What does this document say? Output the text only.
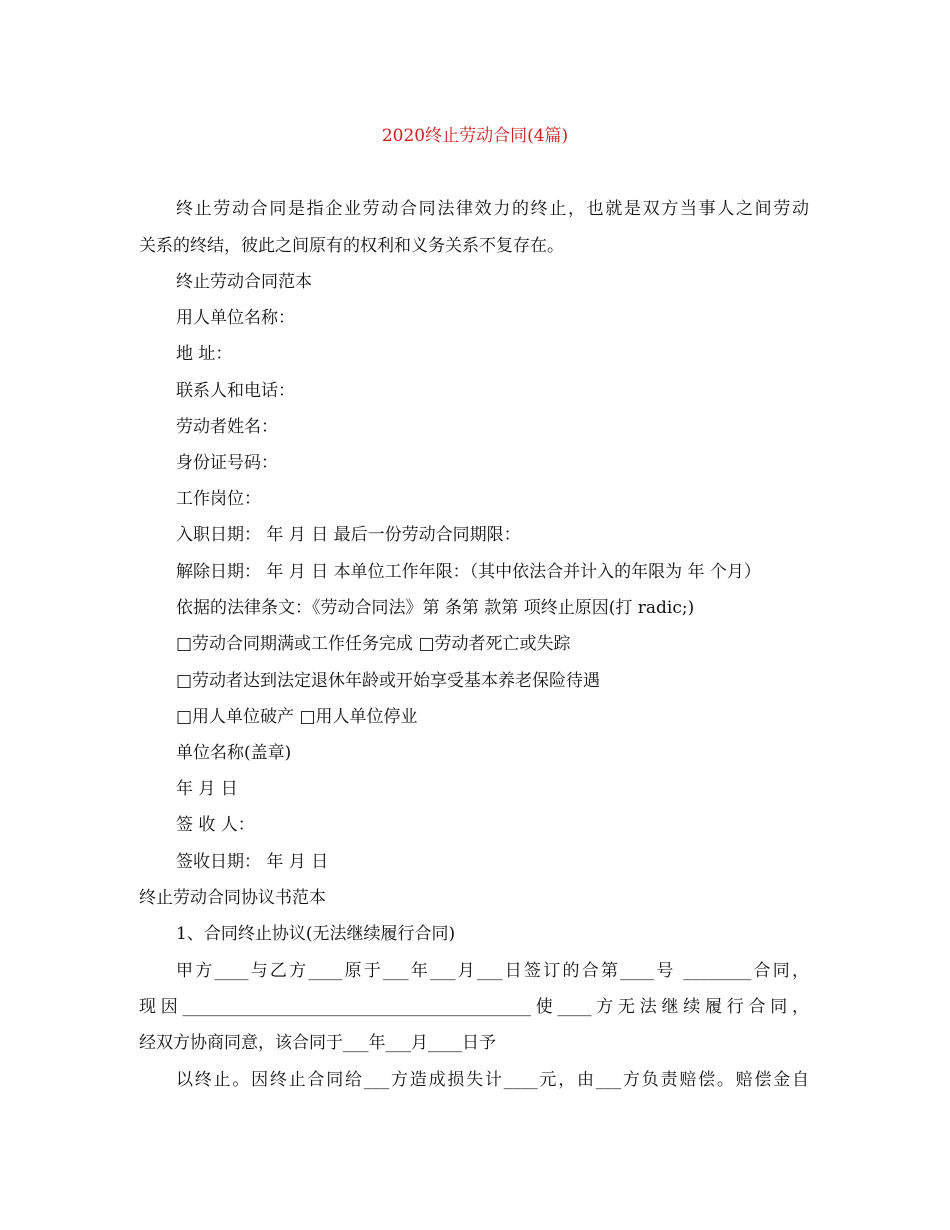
2020终止劳动合同(4篇)
终止劳动合同是指企业劳动合同法律效力的终止，也就是双方当事人之间劳动
关系的终结，彼此之间原有的权利和义务关系不复存在。
终止劳动合同范本
用人单位名称：
地 址：
联系人和电话：
劳动者姓名：
身份证号码：
工作岗位：
入职日期： 年 月 日 最后一份劳动合同期限：
解除日期： 年 月 日 本单位工作年限：（其中依法合并计入的年限为 年 个月）
依据的法律条文：《劳动合同法》第 条第 款第 项终止原因(打 radic;)
□劳动合同期满或工作任务完成 □劳动者死亡或失踪
□劳动者达到法定退休年龄或开始享受基本养老保险待遇
□用人单位破产 □用人单位停业
单位名称(盖章)
年 月 日
签 收 人：
签收日期： 年 月 日
终止劳动合同协议书范本
1、合同终止协议(无法继续履行合同)
甲方____与乙方____原于___年___月___日签订的合第____号 ________合同，
现因_________________________________________使____方无法继续履行合同，
经双方协商同意，该合同于___年___月____日予
以终止。因终止合同给___方造成损失计____元，由___方负责赔偿。赔偿金自
